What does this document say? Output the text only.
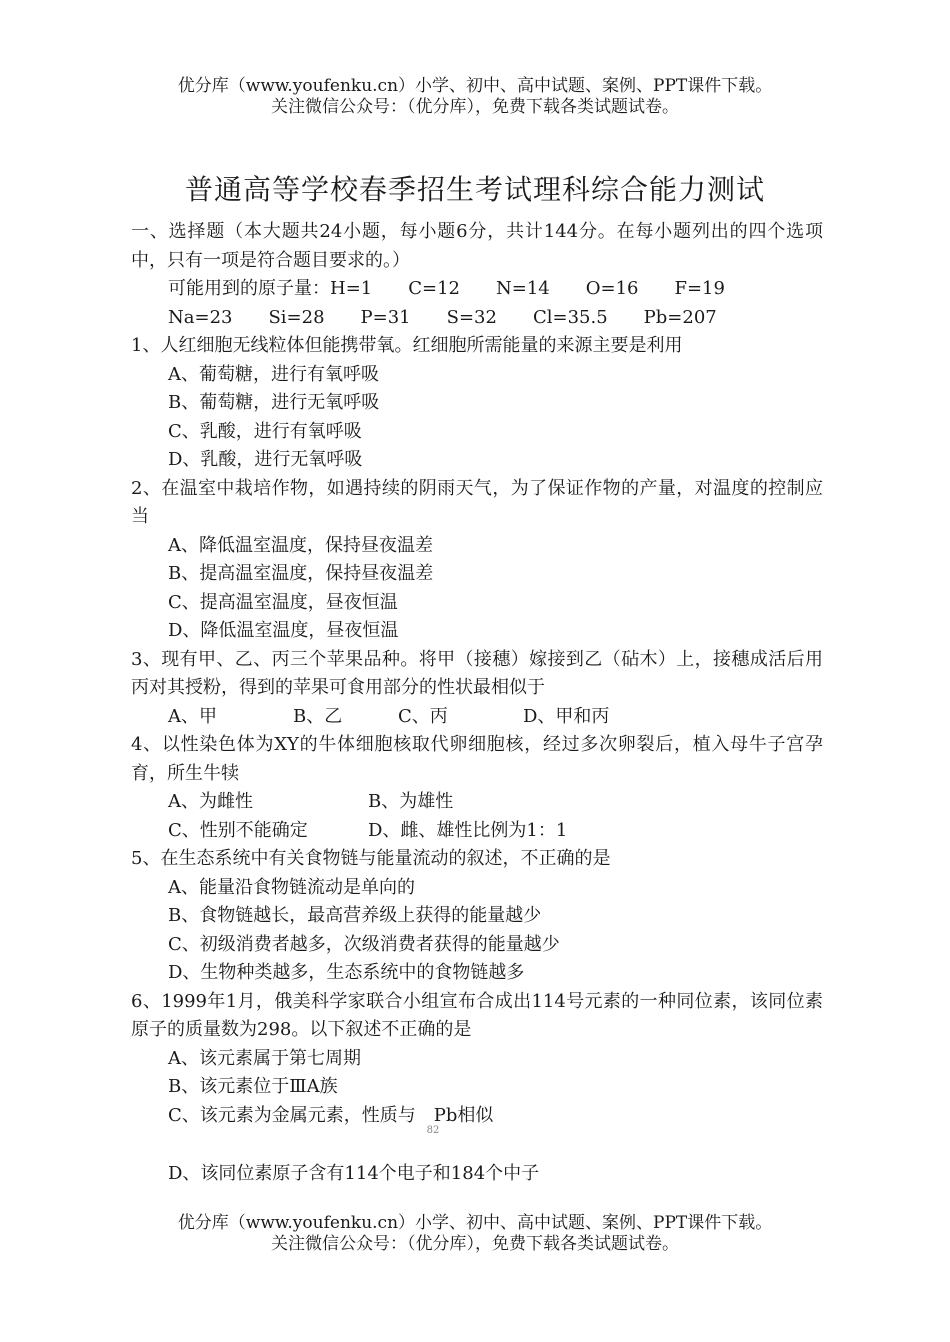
优分库（www.youfenku.cn）小学、初中、高中试题、案例、PPT课件下载。
关注微信公众号：（优分库），免费下载各类试题试卷。
普通高等学校春季招生考试理科综合能力测试

一、选择题（本大题共24小题，每小题6分，共计144分。在每小题列出的四个选项中，只有一项是符合题目要求的。）

可能用到的原子量：H=1　　C=12　　N=14　　O=16　　F=19

Na=23　　Si=28　　P=31　　S=32　　Cl=35.5　　Pb=207

1、人红细胞无线粒体但能携带氧。红细胞所需能量的来源主要是利用

A、葡萄糖，进行有氧呼吸

B、葡萄糖，进行无氧呼吸

C、乳酸，进行有氧呼吸

D、乳酸，进行无氧呼吸

2、在温室中栽培作物，如遇持续的阴雨天气，为了保证作物的产量，对温度的控制应当

A、降低温室温度，保持昼夜温差

B、提高温室温度，保持昼夜温差

C、提高温室温度，昼夜恒温

D、降低温室温度，昼夜恒温

3、现有甲、乙、丙三个苹果品种。将甲（接穗）嫁接到乙（砧木）上，接穗成活后用丙对其授粉，得到的苹果可食用部分的性状最相似于

A、甲	B、乙	C、丙	D、甲和丙

4、以性染色体为XY的牛体细胞核取代卵细胞核，经过多次卵裂后，植入母牛子宫孕育，所生牛犊

A、为雌性	B、为雄性

C、性别不能确定	D、雌、雄性比例为1：1

5、在生态系统中有关食物链与能量流动的叙述，不正确的是

A、能量沿食物链流动是单向的

B、食物链越长，最高营养级上获得的能量越少

C、初级消费者越多，次级消费者获得的能量越少

D、生物种类越多，生态系统中的食物链越多

6、1999年1月，俄美科学家联合小组宣布合成出114号元素的一种同位素，该同位素原子的质量数为298。以下叙述不正确的是

A、该元素属于第七周期

B、该元素位于ⅢA族

C、该元素为金属元素，性质与　Pb相似

D、该同位素原子含有114个电子和184个中子

82
优分库（www.youfenku.cn）小学、初中、高中试题、案例、PPT课件下载。
关注微信公众号：（优分库），免费下载各类试题试卷。
